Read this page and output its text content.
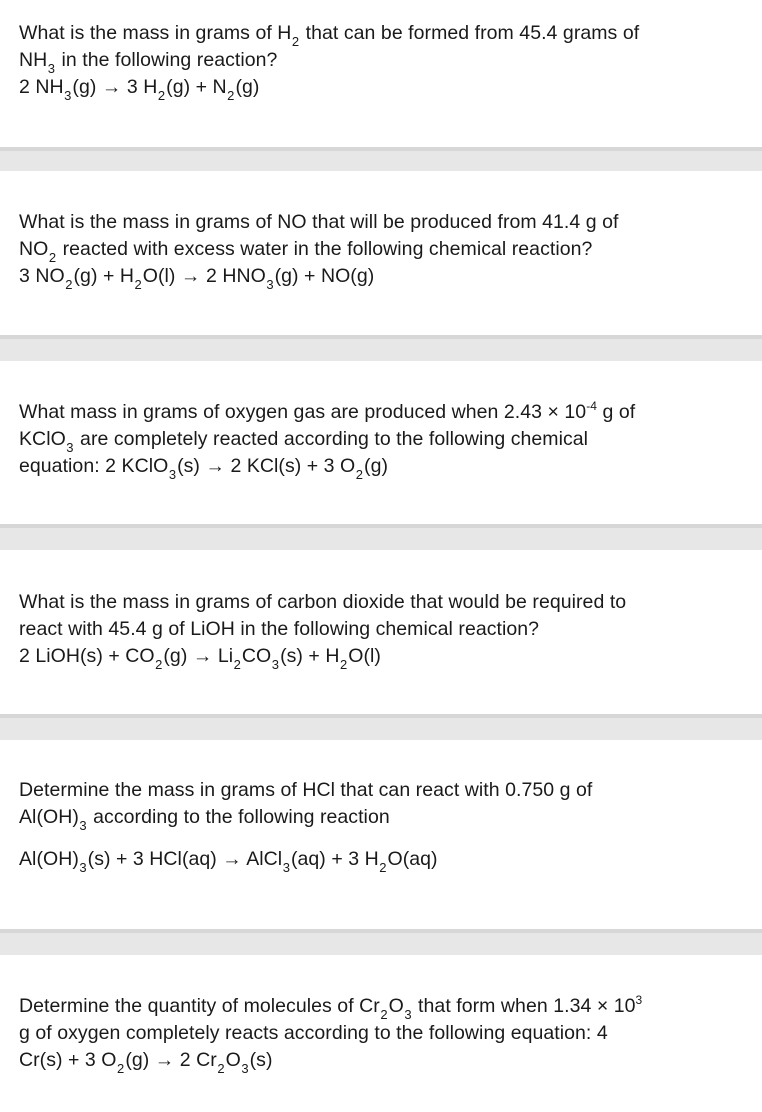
What is the mass in grams of $H_2$ that can be formed from 45.4 grams of
$NH_3$ in the following reaction?
2 $NH_3(g) \to 3$ $H_2(g) + N_2(g)$

What is the mass in grams of NO that will be produced from 41.4 g of
$NO_2$ reacted with excess water in the following chemical reaction?
3 $NO_2(g) + H_2O(l) \to 2$ $HNO_3(g) + NO(g)$

What mass in grams of oxygen gas are produced when $2.43 \times 10^{-4}$ g of
KClO$_3$ are completely reacted according to the following chemical
equation: 2 KClO$_3$(s) → 2 KCl(s) + 3 $O_2(g)$

What is the mass in grams of carbon dioxide that would be required to
react with 45.4 g of LiOH in the following chemical reaction?
2 LiOH(s) + $CO_2(g) \to Li_2CO_3(s) + H_2O(l)$

Determine the mass in grams of HCl that can react with 0.750 g of
$Al(OH)_3$ according to the following reaction
$Al(OH)_3(s) + 3$ HCl(aq) → AlCl$_3$(aq) + 3 $H_2O(aq)$

Determine the quantity of molecules of $Cr_2O_3$ that form when $1.34 \times 10^3$
g of oxygen completely reacts according to the following equation: 4
Cr(s) + 3 $O_2(g) \to 2$ $Cr_2O_3(s)$
